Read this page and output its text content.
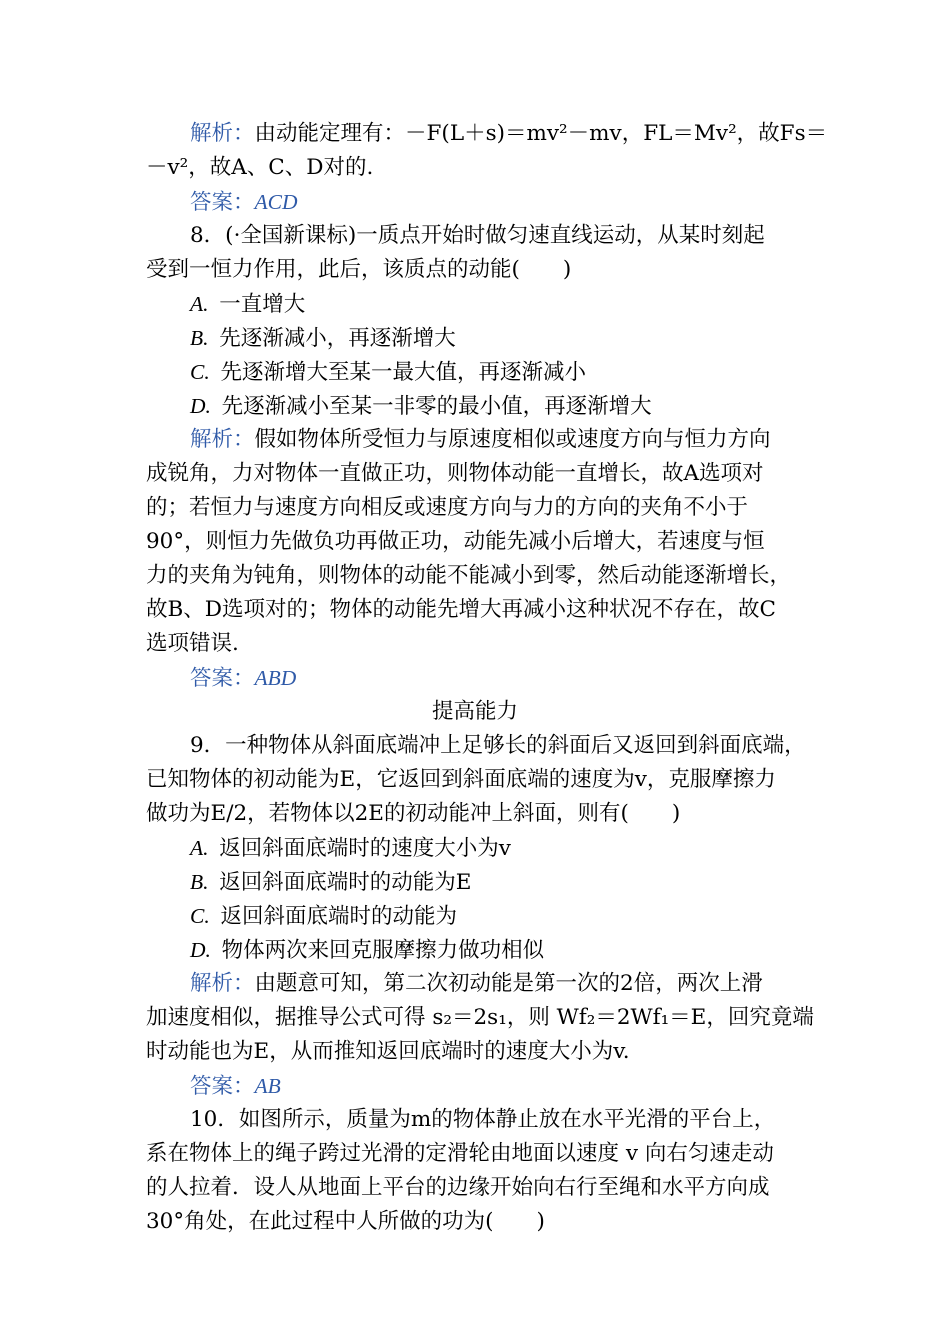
解析：由动能定理有：－F(L＋s)＝mv²－mv，FL＝Mv²，故Fs＝
－v²，故A、C、D对的.
答案：ACD
8．(·全国新课标)一质点开始时做匀速直线运动，从某时刻起
受到一恒力作用，此后，该质点的动能(　　)
A.  一直增大
B.  先逐渐减小，再逐渐增大
C.  先逐渐增大至某一最大值，再逐渐减小
D.  先逐渐减小至某一非零的最小值，再逐渐增大
解析：假如物体所受恒力与原速度相似或速度方向与恒力方向
成锐角，力对物体一直做正功，则物体动能一直增长，故A选项对
的；若恒力与速度方向相反或速度方向与力的方向的夹角不小于
90°，则恒力先做负功再做正功，动能先减小后增大，若速度与恒
力的夹角为钝角，则物体的动能不能减小到零，然后动能逐渐增长，
故B、D选项对的；物体的动能先增大再减小这种状况不存在，故C
选项错误.
答案：ABD
提高能力
9．一种物体从斜面底端冲上足够长的斜面后又返回到斜面底端，
已知物体的初动能为E，它返回到斜面底端的速度为v，克服摩擦力
做功为E/2，若物体以2E的初动能冲上斜面，则有(　　)
A.  返回斜面底端时的速度大小为v
B.  返回斜面底端时的动能为E
C.  返回斜面底端时的动能为
D.  物体两次来回克服摩擦力做功相似
解析：由题意可知，第二次初动能是第一次的2倍，两次上滑
加速度相似，据推导公式可得 s₂＝2s₁，则 Wf₂＝2Wf₁＝E，回究竟端
时动能也为E，从而推知返回底端时的速度大小为v.
答案：AB
10．如图所示，质量为m的物体静止放在水平光滑的平台上，
系在物体上的绳子跨过光滑的定滑轮由地面以速度 v 向右匀速走动
的人拉着．设人从地面上平台的边缘开始向右行至绳和水平方向成
30°角处，在此过程中人所做的功为(　　)
